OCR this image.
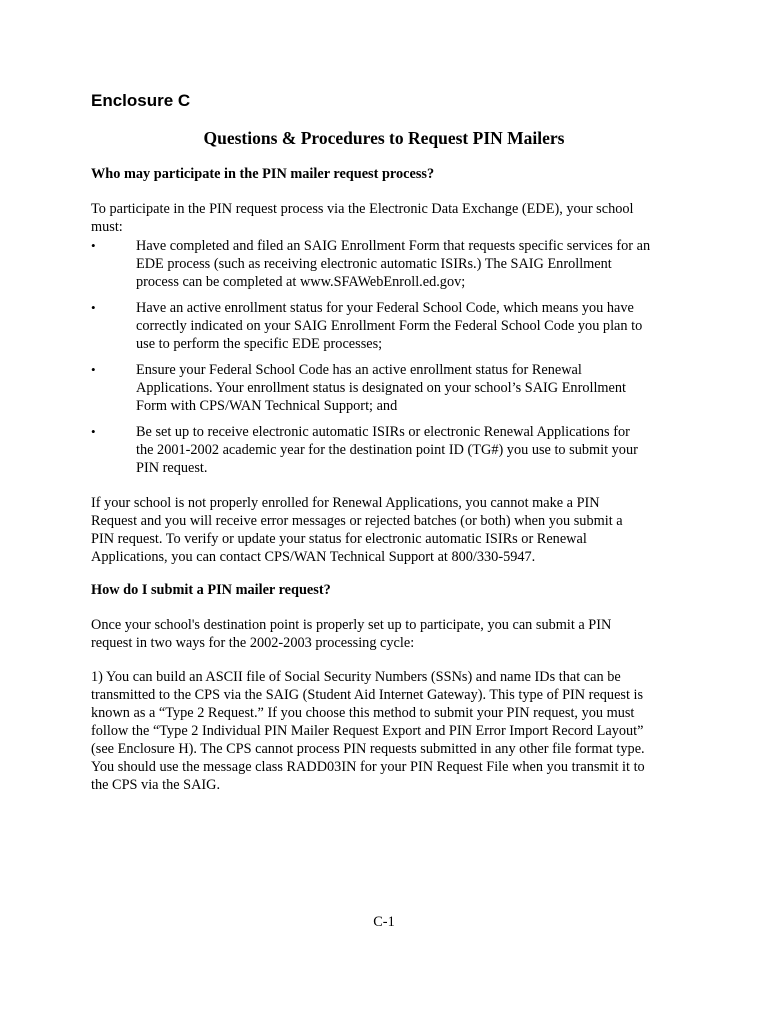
Enclosure C
Questions & Procedures to Request PIN Mailers

Who may participate in the PIN mailer request process?

To participate in the PIN request process via the Electronic Data Exchange (EDE), your school
must:

•	Have completed and filed an SAIG Enrollment Form that requests specific services for an
EDE process (such as receiving electronic automatic ISIRs.) The SAIG Enrollment
process can be completed at www.SFAWebEnroll.ed.gov;
•	Have an active enrollment status for your Federal School Code, which means you have
correctly indicated on your SAIG Enrollment Form the Federal School Code you plan to
use to perform the specific EDE processes;
•	Ensure your Federal School Code has an active enrollment status for Renewal
Applications. Your enrollment status is designated on your school’s SAIG Enrollment
Form with CPS/WAN Technical Support; and
•	Be set up to receive electronic automatic ISIRs or electronic Renewal Applications for
the 2001-2002 academic year for the destination point ID (TG#) you use to submit your
PIN request.

If your school is not properly enrolled for Renewal Applications, you cannot make a PIN
Request and you will receive error messages or rejected batches (or both) when you submit a
PIN request. To verify or update your status for electronic automatic ISIRs or Renewal
Applications, you can contact CPS/WAN Technical Support at 800/330-5947.

How do I submit a PIN mailer request?

Once your school's destination point is properly set up to participate, you can submit a PIN
request in two ways for the 2002-2003 processing cycle:

1) You can build an ASCII file of Social Security Numbers (SSNs) and name IDs that can be
transmitted to the CPS via the SAIG (Student Aid Internet Gateway). This type of PIN request is
known as a “Type 2 Request.” If you choose this method to submit your PIN request, you must
follow the “Type 2 Individual PIN Mailer Request Export and PIN Error Import Record Layout”
(see Enclosure H). The CPS cannot process PIN requests submitted in any other file format type.
You should use the message class RADD03IN for your PIN Request File when you transmit it to
the CPS via the SAIG.

C-1
